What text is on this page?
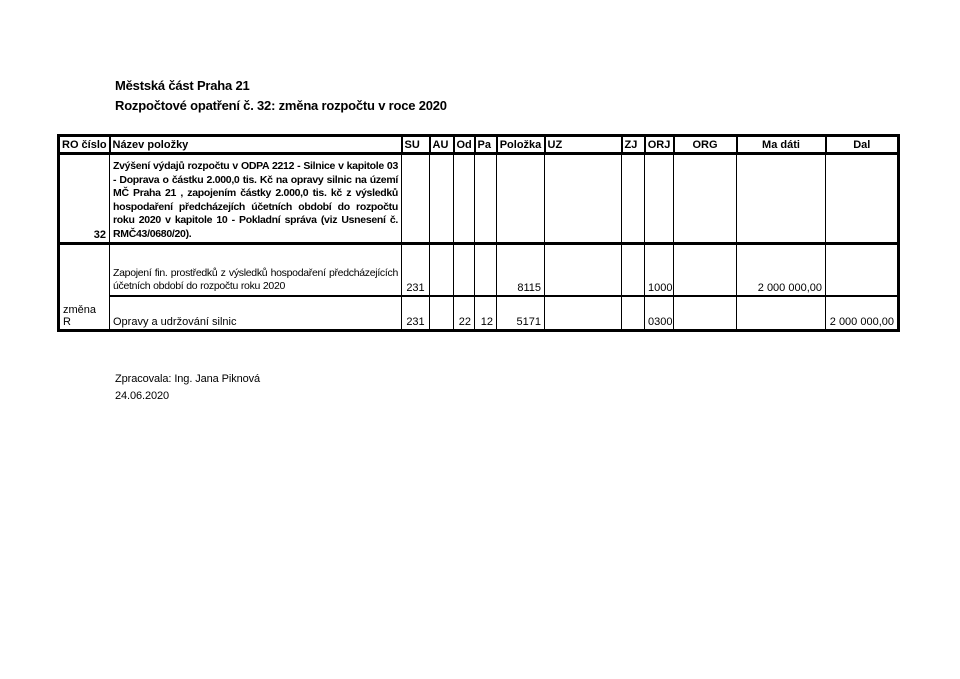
Městská část Praha 21
Rozpočtové opatření č. 32: změna rozpočtu v roce 2020
RO číslo	Název položky	SU	AU	Od	Pa	Položka	UZ	ZJ	ORJ	ORG	Ma dáti	Dal
32	Zvýšení výdajů rozpočtu v ODPA 2212 - Silnice v kapitole 03 - Doprava o částku 2.000,0 tis. Kč na opravy silnic na území MČ Praha 21 , zapojením částky 2.000,0 tis. kč z výsledků hospodaření předcházejích účetních období do rozpočtu roku 2020 v kapitole 10 - Pokladní správa (viz Usnesení č. RMČ43/0680/20).											

změna R	Zapojení fin. prostředků z výsledků hospodaření předcházejících účetních období do rozpočtu roku 2020	231				8115			1000		2 000 000,00	

	Opravy a udržování silnic	231		22	12	5171			0300			2 000 000,00
Zpracovala: Ing. Jana Piknová
24.06.2020
